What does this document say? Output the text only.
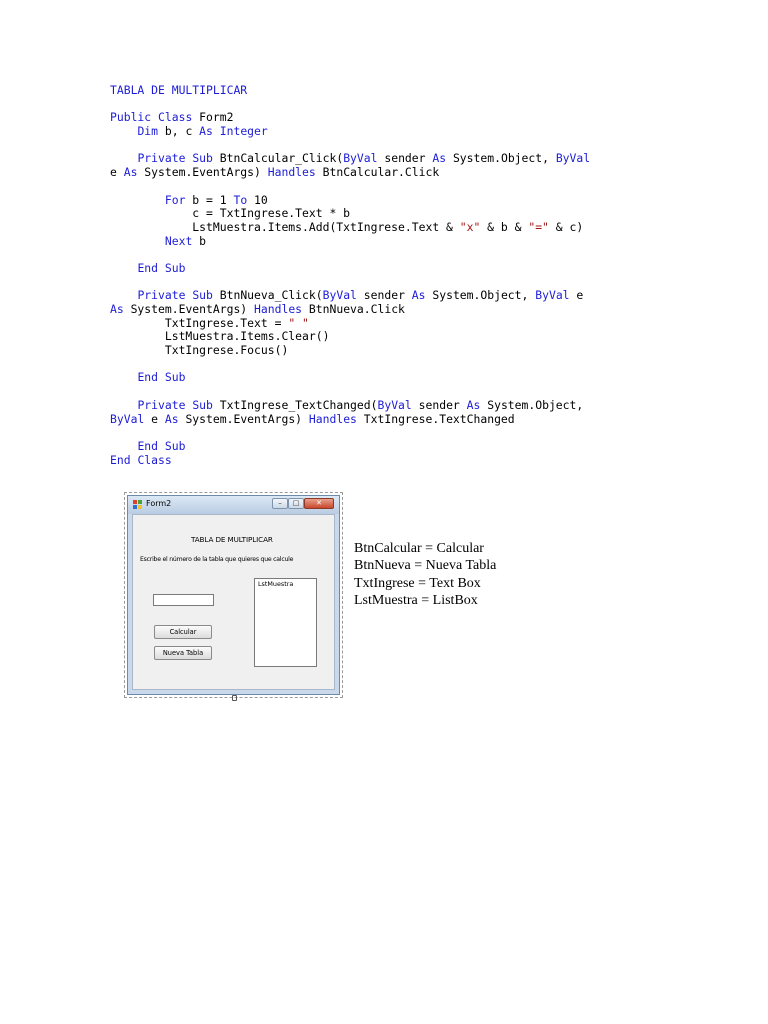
TABLA DE MULTIPLICAR
Public Class Form2
Dim b, c As Integer
Private Sub BtnCalcular_Click(ByVal sender As System.Object, ByVal
e As System.EventArgs) Handles BtnCalcular.Click
For b = 1 To 10
c = TxtIngrese.Text * b
LstMuestra.Items.Add(TxtIngrese.Text & "x" & b & "=" & c)
Next b
End Sub
Private Sub BtnNueva_Click(ByVal sender As System.Object, ByVal e
As System.EventArgs) Handles BtnNueva.Click
TxtIngrese.Text = " "
LstMuestra.Items.Clear()
TxtIngrese.Focus()
End Sub
Private Sub TxtIngrese_TextChanged(ByVal sender As System.Object,
ByVal e As System.EventArgs) Handles TxtIngrese.TextChanged
End Sub
End Class
Form2	–	□	✕
TABLA DE MULTIPLICAR
Escribe el número de la tabla que quieres que calcule
Calcular
Nueva Tabla
LstMuestra
BtnCalcular = Calcular
BtnNueva = Nueva Tabla
TxtIngrese = Text Box
LstMuestra = ListBox
